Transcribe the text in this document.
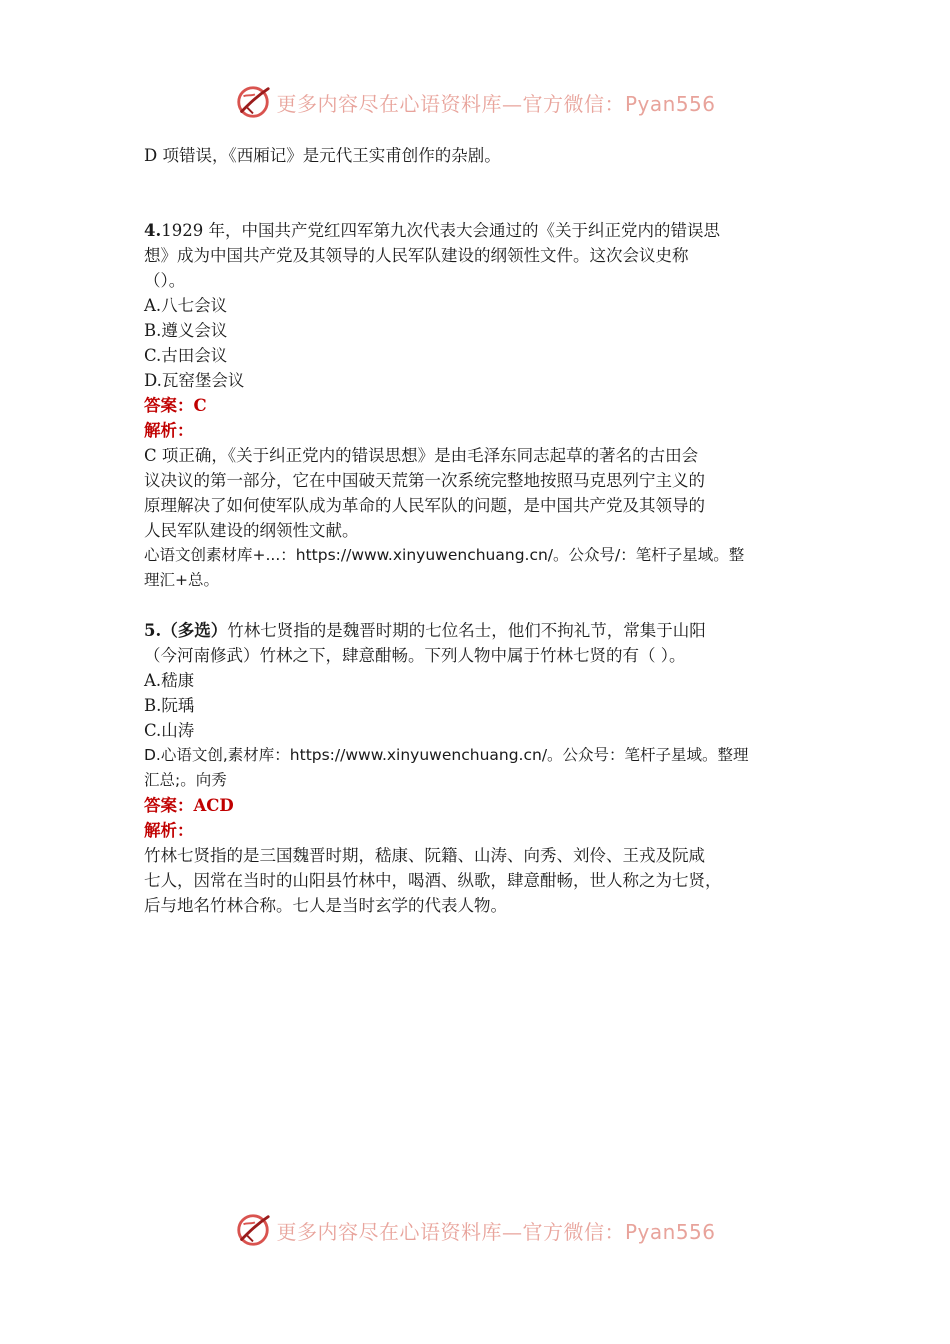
更多内容尽在心语资料库—官方微信：Pyan556
D 项错误，《西厢记》是元代王实甫创作的杂剧。
4.1929 年，中国共产党红四军第九次代表大会通过的《关于纠正党内的错误思
想》成为中国共产党及其领导的人民军队建设的纲领性文件。这次会议史称
（）。
A.八七会议
B.遵义会议
C.古田会议
D.瓦窑堡会议
答案：C
解析：
C 项正确，《关于纠正党内的错误思想》是由毛泽东同志起草的著名的古田会
议决议的第一部分，它在中国破天荒第一次系统完整地按照马克思列宁主义的
原理解决了如何使军队成为革命的人民军队的问题，是中国共产党及其领导的
人民军队建设的纲领性文献。
心语文创素材库+...：https://www.xinyuwenchuang.cn/。公众号/：笔杆子星域。整
理汇+总。
5.（多选）竹林七贤指的是魏晋时期的七位名士，他们不拘礼节，常集于山阳
（今河南修武）竹林之下，肆意酣畅。下列人物中属于竹林七贤的有（ ）。
A.嵇康
B.阮瑀
C.山涛
D.心语文创,素材库：https://www.xinyuwenchuang.cn/。公众号：笔杆子星域。整理
汇总;。向秀
答案：ACD
解析：
竹林七贤指的是三国魏晋时期，嵇康、阮籍、山涛、向秀、刘伶、王戎及阮咸
七人，因常在当时的山阳县竹林中，喝酒、纵歌，肆意酣畅，世人称之为七贤，
后与地名竹林合称。七人是当时玄学的代表人物。
更多内容尽在心语资料库—官方微信：Pyan556
